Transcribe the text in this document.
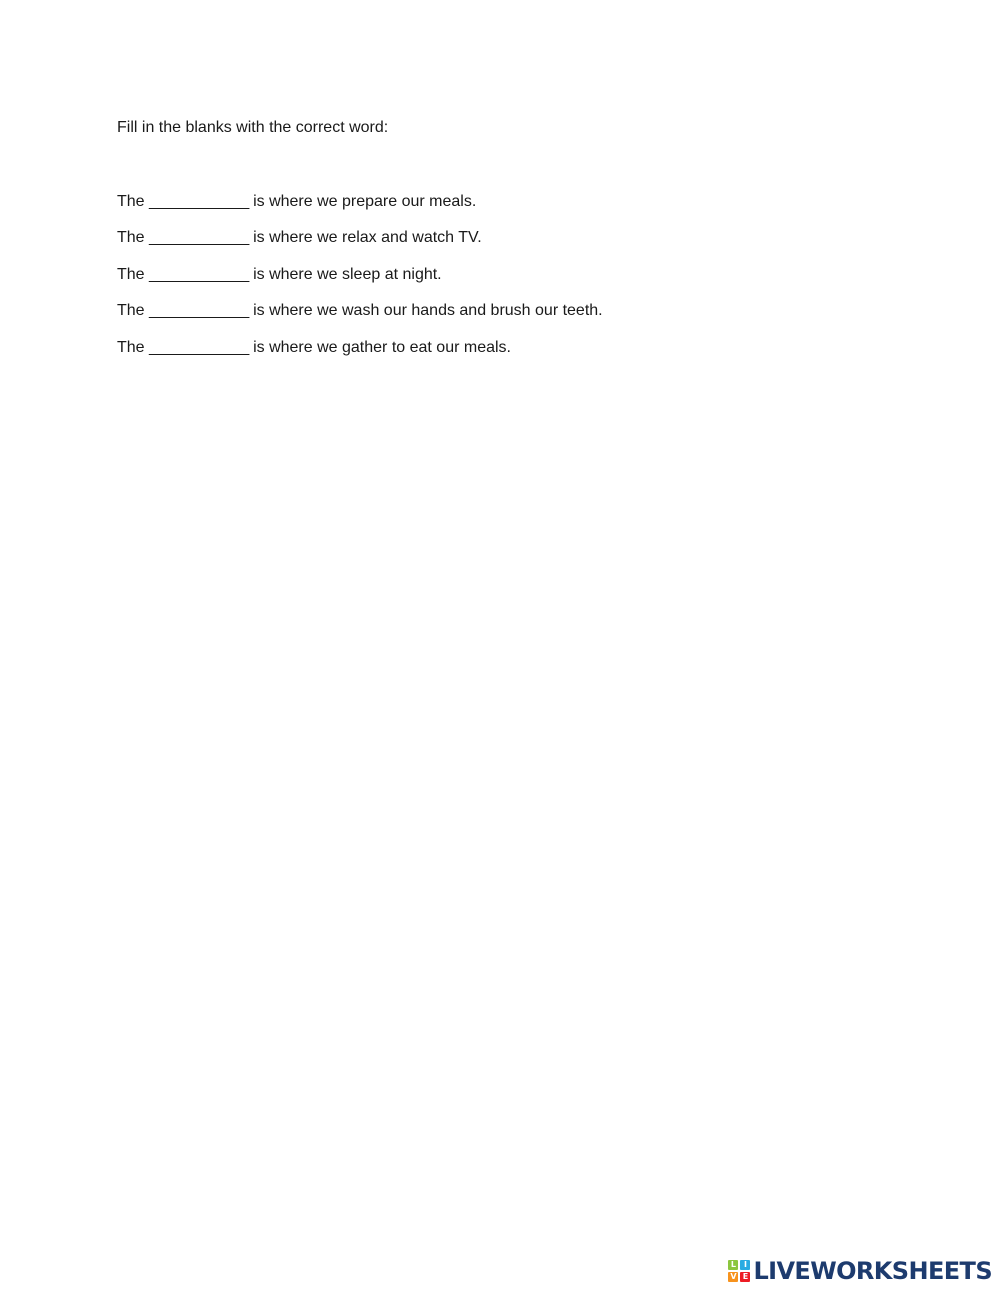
Fill in the blanks with the correct word:

The ____________ is where we prepare our meals.
The ____________ is where we relax and watch TV.
The ____________ is where we sleep at night.
The ____________ is where we wash our hands and brush our teeth.
The ____________ is where we gather to eat our meals.
L I
V E LIVEWORKSHEETS
